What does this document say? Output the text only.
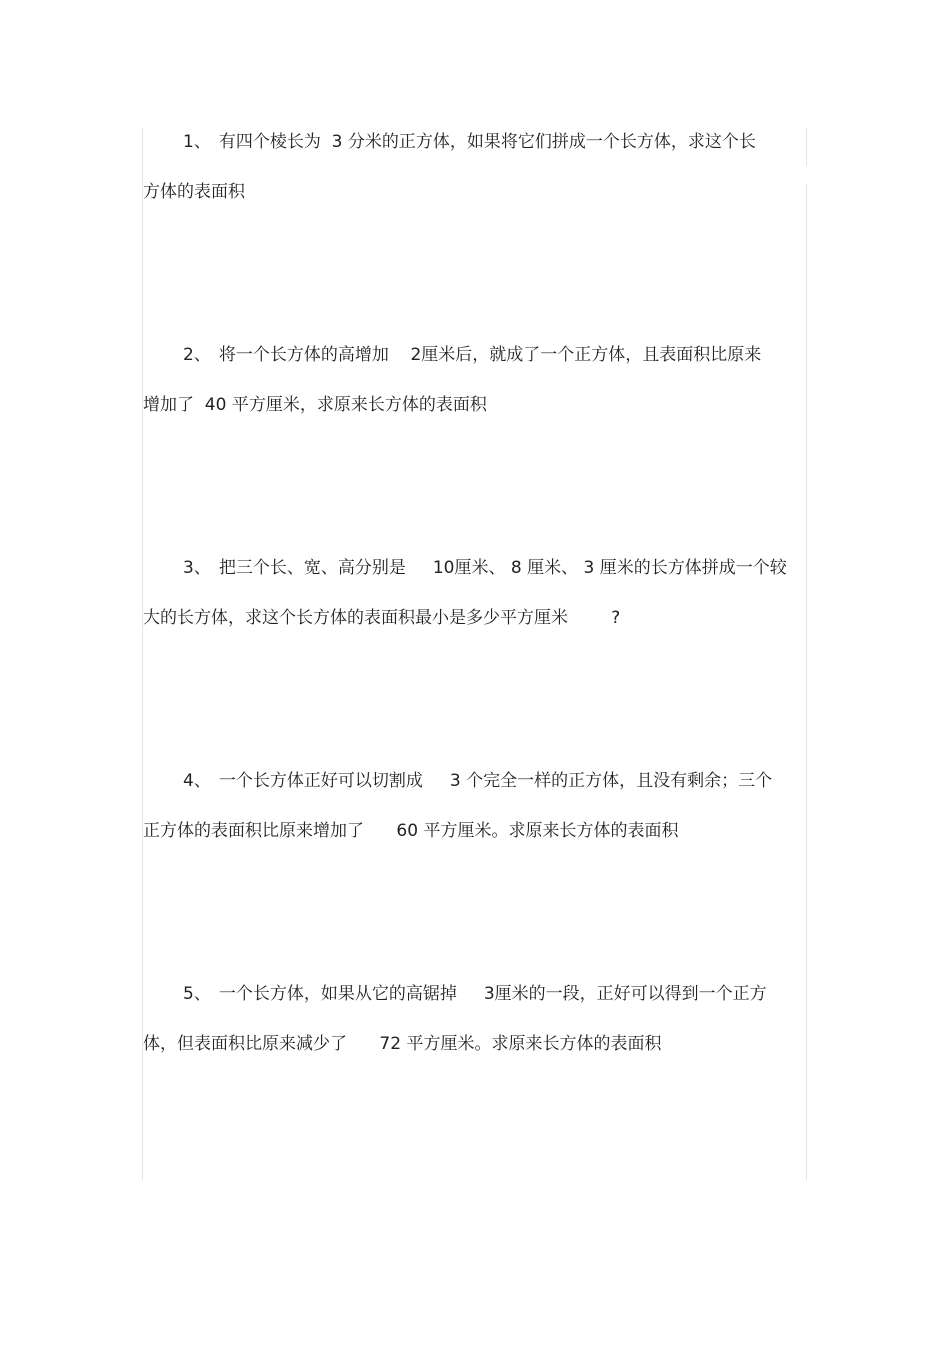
1、 有四个棱长为  3 分米的正方体，如果将它们拼成一个长方体，求这个长
方体的表面积
2、 将一个长方体的高增加    2厘米后，就成了一个正方体，且表面积比原来
增加了  40 平方厘米，求原来长方体的表面积
3、 把三个长、宽、高分别是     10厘米、 8 厘米、 3 厘米的长方体拼成一个较
大的长方体，求这个长方体的表面积最小是多少平方厘米        ?
4、 一个长方体正好可以切割成     3 个完全一样的正方体，且没有剩余；三个
正方体的表面积比原来增加了      60 平方厘米。求原来长方体的表面积
5、 一个长方体，如果从它的高锯掉     3厘米的一段，正好可以得到一个正方
体，但表面积比原来减少了      72 平方厘米。求原来长方体的表面积
